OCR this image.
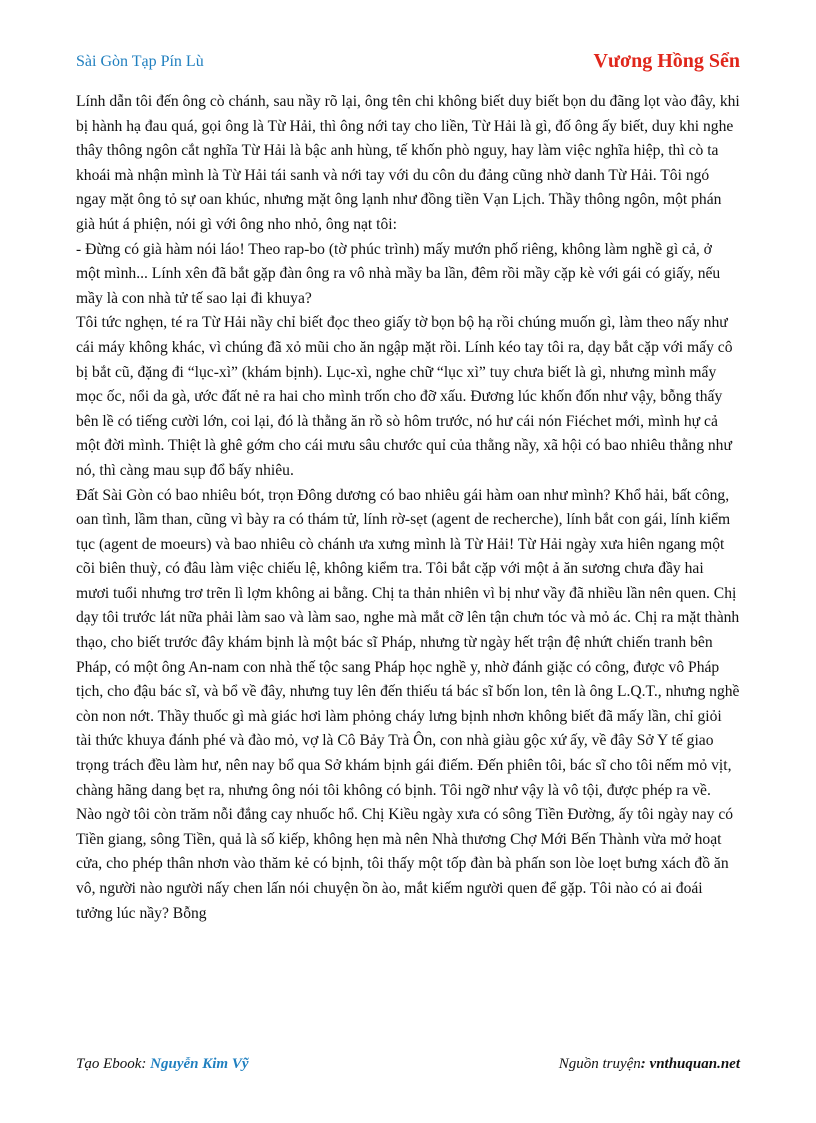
Sài Gòn Tạp Pín Lù	Vương Hồng Sển

Lính dẫn tôi đến ông cò chánh, sau nầy rõ lại, ông tên chi không biết duy biết bọn du đãng lọt vào đây, khi bị hành hạ đau quá, gọi ông là Từ Hải, thì ông nới tay cho liền, Từ Hải là gì, đố ông ấy biết, duy khi nghe thây thông ngôn cắt nghĩa Từ Hải là bậc anh hùng, tế khốn phò nguy, hay làm việc nghĩa hiệp, thì cò ta khoái mà nhận mình là Từ Hải tái sanh và nới tay với du côn du đảng cũng nhờ danh Từ Hải. Tôi ngó ngay mặt ông tỏ sự oan khúc, nhưng mặt ông lạnh như đồng tiền Vạn Lịch. Thầy thông ngôn, một phán già hút á phiện, nói gì với ông nho nhỏ, ông nạt tôi:

- Đừng có già hàm nói láo! Theo rap-bo (tờ phúc trình) mấy mướn phố riêng, không làm nghề gì cả, ở một mình... Lính xên đã bắt gặp đàn ông ra vô nhà mầy ba lần, đêm rồi mầy cặp kè với gái có giấy, nếu mầy là con nhà tử tế sao lại đi khuya?

Tôi tức nghẹn, té ra Từ Hải nầy chỉ biết đọc theo giấy tờ bọn bộ hạ rồi chúng muốn gì, làm theo nấy như cái máy không khác, vì chúng đã xỏ mũi cho ăn ngập mặt rồi. Lính kéo tay tôi ra, dạy bắt cặp với mấy cô bị bắt cũ, đặng đi “lục-xì” (khám bịnh). Lục-xì, nghe chữ “lục xì” tuy chưa biết là gì, nhưng mình mẩy mọc ốc, nổi da gà, ước đất nẻ ra hai cho mình trốn cho đỡ xấu. Đương lúc khốn đốn như vậy, bỗng thấy bên lề có tiếng cười lớn, coi lại, đó là thằng ăn rồ sò hôm trước, nó hư cái nón Fiéchet mới, mình hự cả một đời mình. Thiệt là ghê gớm cho cái mưu sâu chước quỉ của thằng nầy, xã hội có bao nhiêu thằng như nó, thì càng mau sụp đổ bấy nhiêu.

Đất Sài Gòn có bao nhiêu bót, trọn Đông dương có bao nhiêu gái hàm oan như mình? Khổ hải, bất công, oan tình, lầm than, cũng vì bày ra có thám tử, lính rờ-sẹt (agent de recherche), lính bắt con gái, lính kiểm tục (agent de moeurs) và bao nhiêu cò chánh ưa xưng mình là Từ Hải! Từ Hải ngày xưa hiên ngang một cõi biên thuỳ, có đâu làm việc chiếu lệ, không kiểm tra. Tôi bắt cặp với một ả ăn sương chưa đầy hai mươi tuổi nhưng trơ trẽn lì lợm không ai bằng. Chị ta thản nhiên vì bị như vầy đã nhiều lần nên quen. Chị dạy tôi trước lát nữa phải làm sao và làm sao, nghe mà mắt cỡ lên tận chưn tóc và mỏ ác. Chị ra mặt thành thạo, cho biết trước đây khám bịnh là một bác sĩ Pháp, nhưng từ ngày hết trận đệ nhứt chiến tranh bên Pháp, có một ông An-nam con nhà thế tộc sang Pháp học nghề y, nhờ đánh giặc có công, được vô Pháp tịch, cho đậu bác sĩ, và bổ về đây, nhưng tuy lên đến thiếu tá bác sĩ bốn lon, tên là ông L.Q.T., nhưng nghề còn non nớt. Thầy thuốc gì mà giác hơi làm phỏng cháy lưng bịnh nhơn không biết đã mấy lần, chỉ giỏi tài thức khuya đánh phé và đào mỏ, vợ là Cô Bảy Trà Ôn, con nhà giàu gộc xứ ấy, về đây Sở Y tế giao trọng trách đều làm hư, nên nay bổ qua Sở khám bịnh gái điếm. Đến phiên tôi, bác sĩ cho tôi nếm mỏ vịt, chàng hãng dang bẹt ra, nhưng ông nói tôi không có bịnh. Tôi ngỡ như vậy là vô tội, được phép ra về. Nào ngờ tôi còn trăm nỗi đắng cay nhuốc hổ. Chị Kiều ngày xưa có sông Tiền Đường, ấy tôi ngày nay có Tiền giang, sông Tiền, quả là số kiếp, không hẹn mà nên Nhà thương Chợ Mới Bến Thành vừa mở hoạt cửa, cho phép thân nhơn vào thăm kẻ có bịnh, tôi thấy một tốp đàn bà phấn son lòe loẹt bưng xách đồ ăn vô, người nào người nấy chen lấn nói chuyện ồn ào, mắt kiếm người quen để gặp. Tôi nào có ai đoái tưởng lúc nầy? Bỗng

Tạo Ebook: Nguyễn Kim Vỹ	Nguồn truyện: vnthuquan.net
